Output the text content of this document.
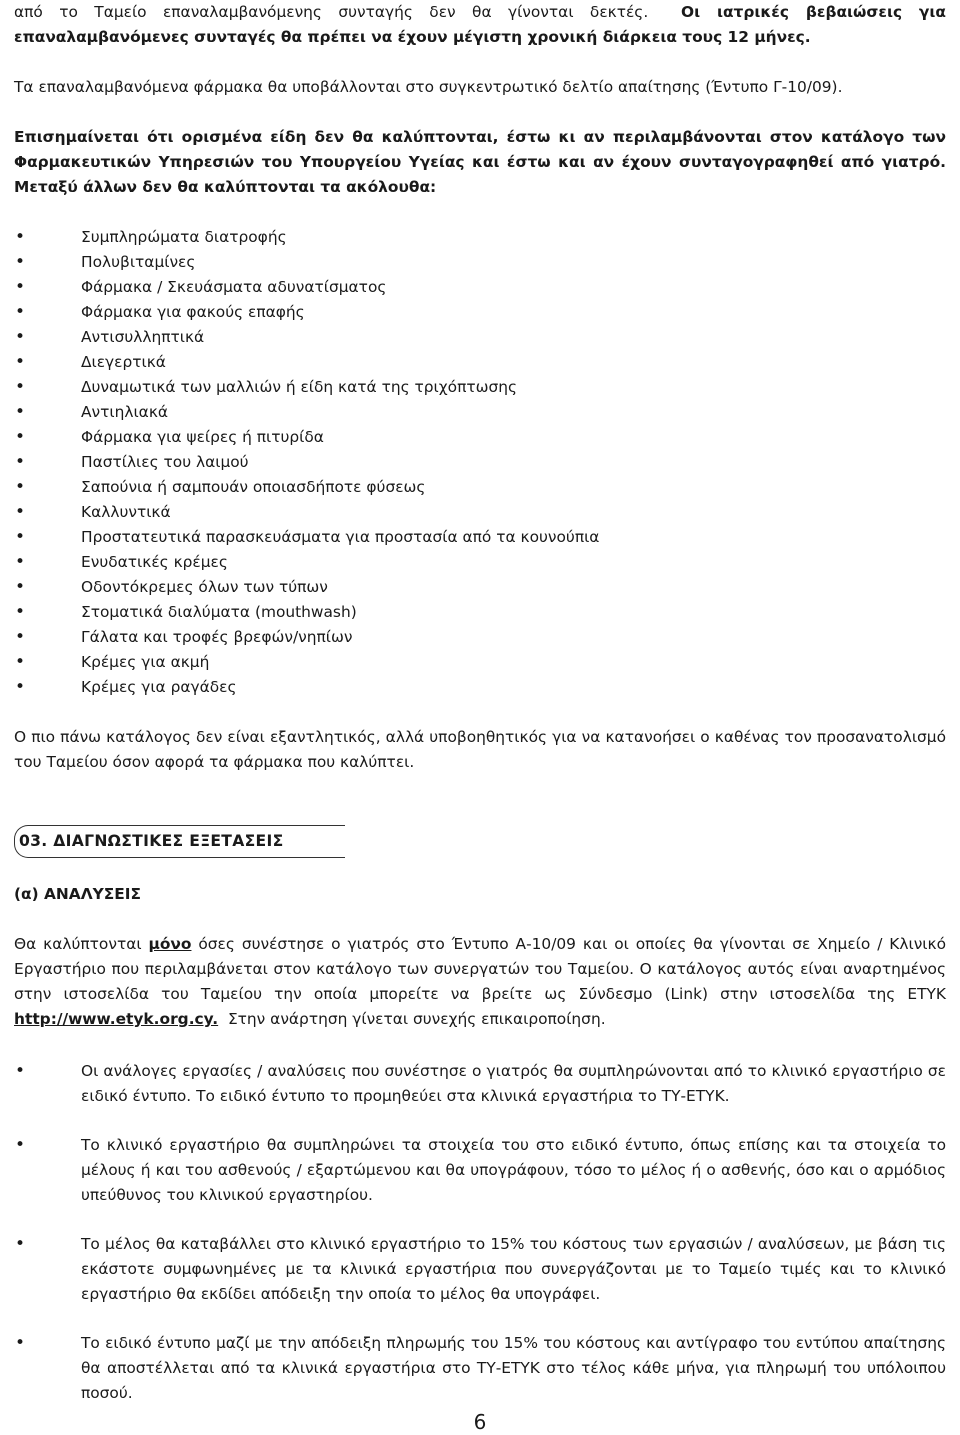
από το Ταμείο επαναλαμβανόμενης συνταγής δεν θα γίνονται δεκτές. Οι ιατρικές βεβαιώσεις για επαναλαμβανόμενες συνταγές θα πρέπει να έχουν μέγιστη χρονική διάρκεια τους 12 μήνες.

Τα επαναλαμβανόμενα φάρμακα θα υποβάλλονται στο συγκεντρωτικό δελτίο απαίτησης (Έντυπο Γ-10/09).

Επισημαίνεται ότι ορισμένα είδη δεν θα καλύπτονται, έστω κι αν περιλαμβάνονται στον κατάλογο των Φαρμακευτικών Υπηρεσιών του Υπουργείου Υγείας και έστω και αν έχουν συνταγογραφηθεί από γιατρό. Μεταξύ άλλων δεν θα καλύπτονται τα ακόλουθα:

• Συμπληρώματα διατροφής
• Πολυβιταμίνες
• Φάρμακα / Σκευάσματα αδυνατίσματος
• Φάρμακα για φακούς επαφής
• Αντισυλληπτικά
• Διεγερτικά
• Δυναμωτικά των μαλλιών ή είδη κατά της τριχόπτωσης
• Αντιηλιακά
• Φάρμακα για ψείρες ή πιτυρίδα
• Παστίλιες του λαιμού
• Σαπούνια ή σαμπουάν οποιασδήποτε φύσεως
• Καλλυντικά
• Προστατευτικά παρασκευάσματα για προστασία από τα κουνούπια
• Ενυδατικές κρέμες
• Οδοντόκρεμες όλων των τύπων
• Στοματικά διαλύματα (mouthwash)
• Γάλατα και τροφές βρεφών/νηπίων
• Κρέμες για ακμή
• Κρέμες για ραγάδες

Ο πιο πάνω κατάλογος δεν είναι εξαντλητικός, αλλά υποβοηθητικός για να κατανοήσει ο καθένας τον προσανατολισμό του Ταμείου όσον αφορά τα φάρμακα που καλύπτει.

03. ΔΙΑΓΝΩΣΤΙΚΕΣ ΕΞΕΤΑΣΕΙΣ

(α) ΑΝΑΛΥΣΕΙΣ

Θα καλύπτονται μόνο όσες συνέστησε ο γιατρός στο Έντυπο Α-10/09 και οι οποίες θα γίνονται σε Χημείο / Κλινικό Εργαστήριο που περιλαμβάνεται στον κατάλογο των συνεργατών του Ταμείου. Ο κατάλογος αυτός είναι αναρτημένος στην ιστοσελίδα του Ταμείου την οποία μπορείτε να βρείτε ως Σύνδεσμο (Link) στην ιστοσελίδα της ΕΤΥΚ http://www.etyk.org.cy. Στην ανάρτηση γίνεται συνεχής επικαιροποίηση.

• Οι ανάλογες εργασίες / αναλύσεις που συνέστησε ο γιατρός θα συμπληρώνονται από το κλινικό εργαστήριο σε ειδικό έντυπο. Το ειδικό έντυπο το προμηθεύει στα κλινικά εργαστήρια το ΤΥ-ΕΤΥΚ.
• Το κλινικό εργαστήριο θα συμπληρώνει τα στοιχεία του στο ειδικό έντυπο, όπως επίσης και τα στοιχεία το μέλους ή και του ασθενούς / εξαρτώμενου και θα υπογράφουν, τόσο το μέλος ή ο ασθενής, όσο και ο αρμόδιος υπεύθυνος του κλινικού εργαστηρίου.
• Το μέλος θα καταβάλλει στο κλινικό εργαστήριο το 15% του κόστους των εργασιών / αναλύσεων, με βάση τις εκάστοτε συμφωνημένες με τα κλινικά εργαστήρια που συνεργάζονται με το Ταμείο τιμές και το κλινικό εργαστήριο θα εκδίδει απόδειξη την οποία το μέλος θα υπογράφει.
• Το ειδικό έντυπο μαζί με την απόδειξη πληρωμής του 15% του κόστους και αντίγραφο του εντύπου απαίτησης θα αποστέλλεται από τα κλινικά εργαστήρια στο ΤΥ-ΕΤΥΚ στο τέλος κάθε μήνα, για πληρωμή του υπόλοιπου ποσού.
6
